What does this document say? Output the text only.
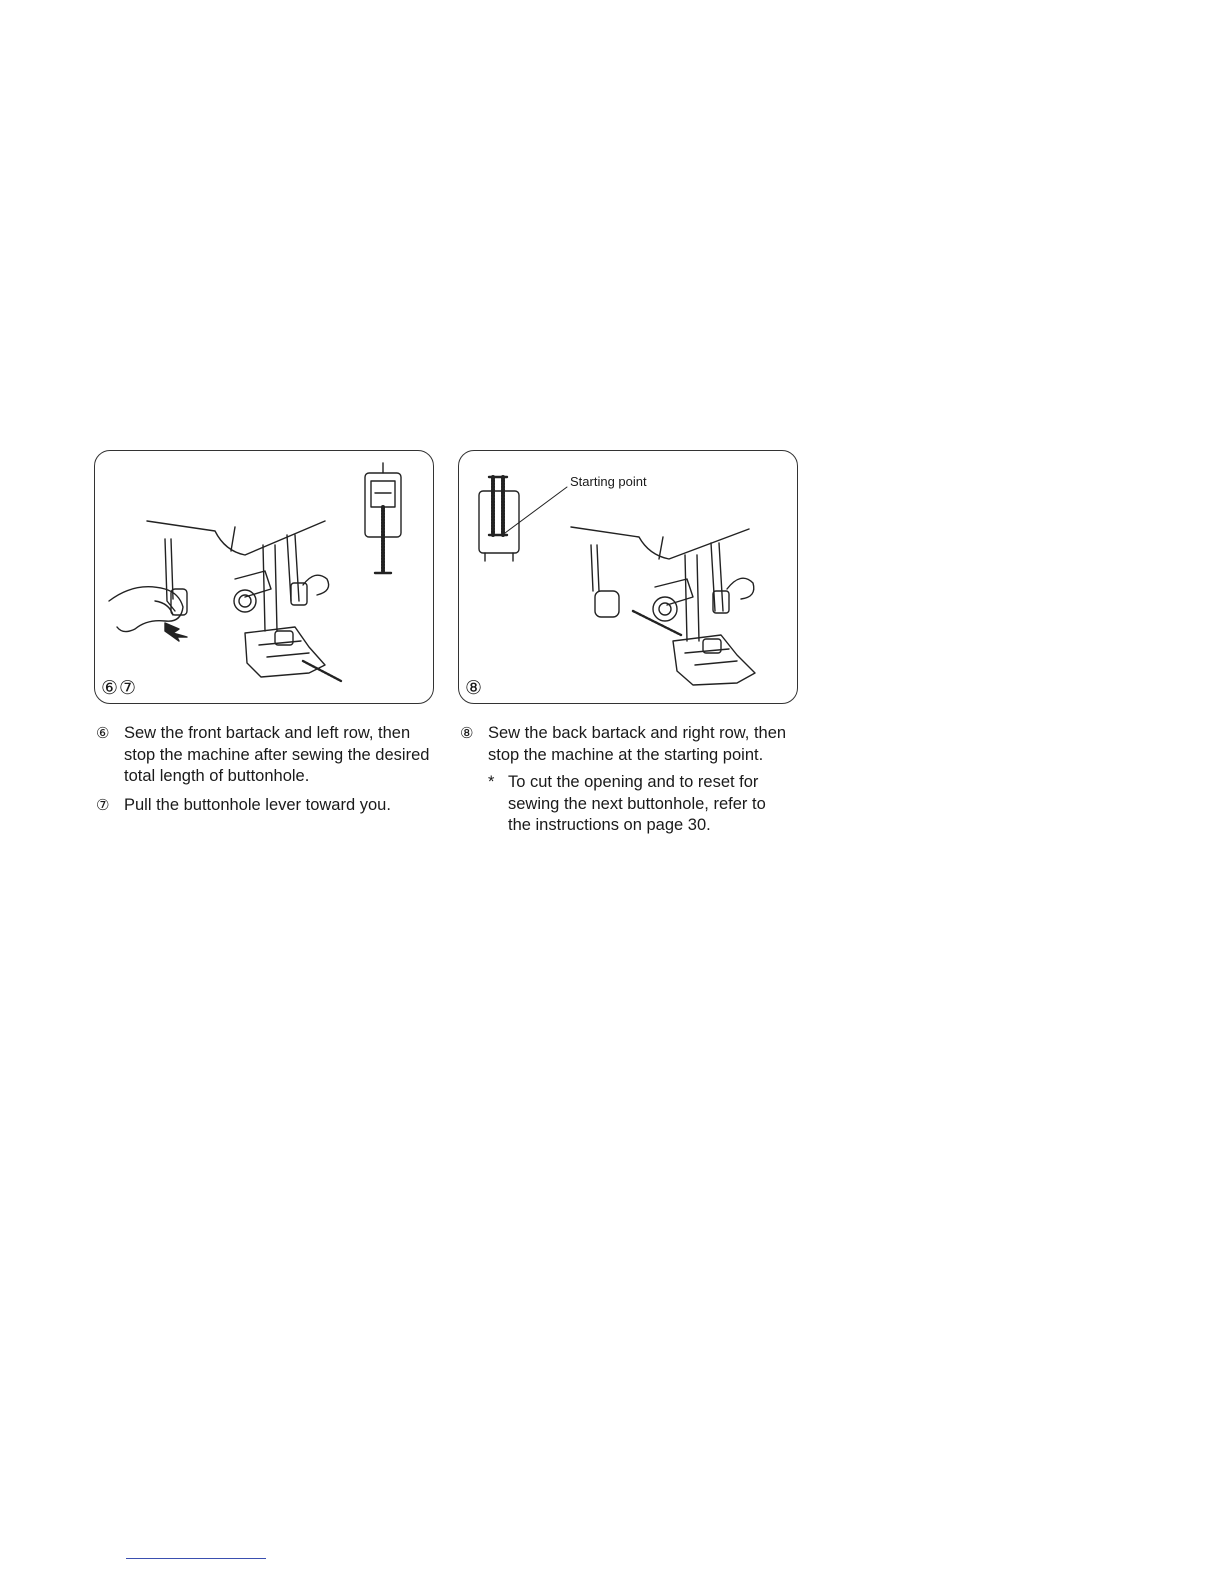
⑥⑦
Starting point
⑧
⑥ Sew the front bartack and left row, then stop the machine after sewing the desired total length of buttonhole.
⑦ Pull the buttonhole lever toward you.
⑧ Sew the back bartack and right row, then stop the machine at the starting point.
* To cut the opening and to reset for sewing the next buttonhole, refer to the instructions on page 30.
